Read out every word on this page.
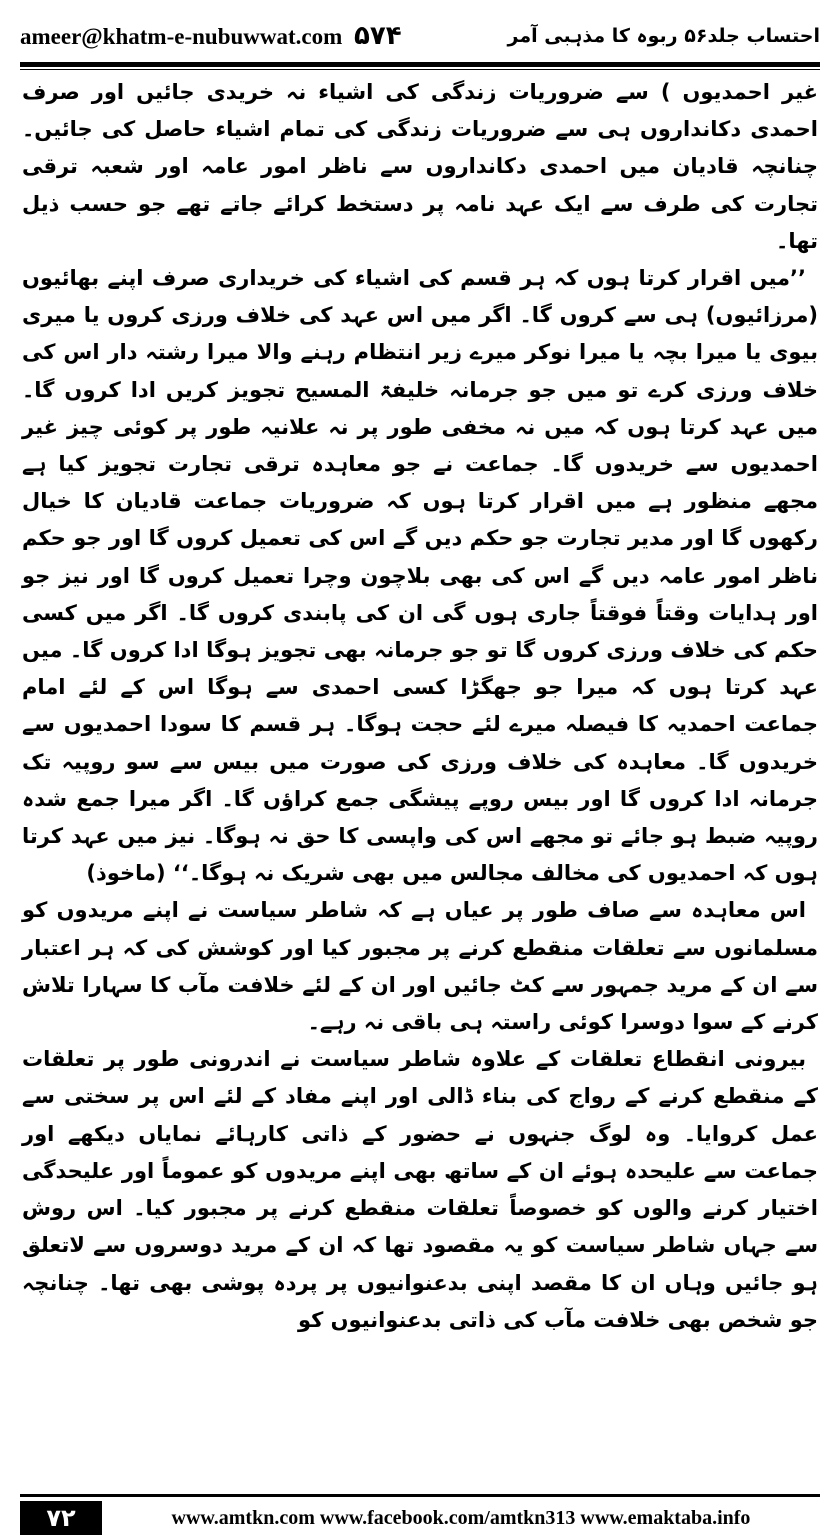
ameer@khatm-e-nubuwwat.com ۵۷۴	احتساب جلد۵۶ ربوہ کا مذہبی آمر

غیر احمدیوں ) سے ضروریات زندگی کی اشیاء نہ خریدی جائیں اور صرف احمدی دکانداروں ہی سے ضروریات زندگی کی تمام اشیاء حاصل کی جائیں۔ چنانچہ قادیان میں احمدی دکانداروں سے ناظر امور عامہ اور شعبہ ترقی تجارت کی طرف سے ایک عہد نامہ پر دستخط کرائے جاتے تھے جو حسب ذیل تھا۔

’’میں اقرار کرتا ہوں کہ ہر قسم کی اشیاء کی خریداری صرف اپنے بھائیوں (مرزائیوں) ہی سے کروں گا۔ اگر میں اس عہد کی خلاف ورزی کروں یا میری بیوی یا میرا بچہ یا میرا نوکر میرے زیر انتظام رہنے والا میرا رشتہ دار اس کی خلاف ورزی کرے تو میں جو جرمانہ خلیفۃ المسیح تجویز کریں ادا کروں گا۔ میں عہد کرتا ہوں کہ میں نہ مخفی طور پر نہ علانیہ طور پر کوئی چیز غیر احمدیوں سے خریدوں گا۔ جماعت نے جو معاہدہ ترقی تجارت تجویز کیا ہے مجھے منظور ہے میں اقرار کرتا ہوں کہ ضروریات جماعت قادیان کا خیال رکھوں گا اور مدیر تجارت جو حکم دیں گے اس کی تعمیل کروں گا اور جو حکم ناظر امور عامہ دیں گے اس کی بھی بلاچون وچرا تعمیل کروں گا اور نیز جو اور ہدایات وقتاً فوقتاً جاری ہوں گی ان کی پابندی کروں گا۔ اگر میں کسی حکم کی خلاف ورزی کروں گا تو جو جرمانہ بھی تجویز ہوگا ادا کروں گا۔ میں عہد کرتا ہوں کہ میرا جو جھگڑا کسی احمدی سے ہوگا اس کے لئے امام جماعت احمدیہ کا فیصلہ میرے لئے حجت ہوگا۔ ہر قسم کا سودا احمدیوں سے خریدوں گا۔ معاہدہ کی خلاف ورزی کی صورت میں بیس سے سو روپیہ تک جرمانہ ادا کروں گا اور بیس روپے پیشگی جمع کراؤں گا۔ اگر میرا جمع شدہ روپیہ ضبط ہو جائے تو مجھے اس کی واپسی کا حق نہ ہوگا۔ نیز میں عہد کرتا ہوں کہ احمدیوں کی مخالف مجالس میں بھی شریک نہ ہوگا۔‘‘ (ماخوذ)

اس معاہدہ سے صاف طور پر عیاں ہے کہ شاطر سیاست نے اپنے مریدوں کو مسلمانوں سے تعلقات منقطع کرنے پر مجبور کیا اور کوشش کی کہ ہر اعتبار سے ان کے مرید جمہور سے کٹ جائیں اور ان کے لئے خلافت مآب کا سہارا تلاش کرنے کے سوا دوسرا کوئی راستہ ہی باقی نہ رہے۔

بیرونی انقطاع تعلقات کے علاوہ شاطر سیاست نے اندرونی طور پر تعلقات کے منقطع کرنے کے رواج کی بناء ڈالی اور اپنے مفاد کے لئے اس پر سختی سے عمل کروایا۔ وہ لوگ جنہوں نے حضور کے ذاتی کارہائے نمایاں دیکھے اور جماعت سے علیحدہ ہوئے ان کے ساتھ بھی اپنے مریدوں کو عموماً اور علیحدگی اختیار کرنے والوں کو خصوصاً تعلقات منقطع کرنے پر مجبور کیا۔ اس روش سے جہاں شاطر سیاست کو یہ مقصود تھا کہ ان کے مرید دوسروں سے لاتعلق ہو جائیں وہاں ان کا مقصد اپنی بدعنوانیوں پر پردہ پوشی بھی تھا۔ چنانچہ جو شخص بھی خلافت مآب کی ذاتی بدعنوانیوں کو

۷۲	www.amtkn.com www.facebook.com/amtkn313 www.emaktaba.info
